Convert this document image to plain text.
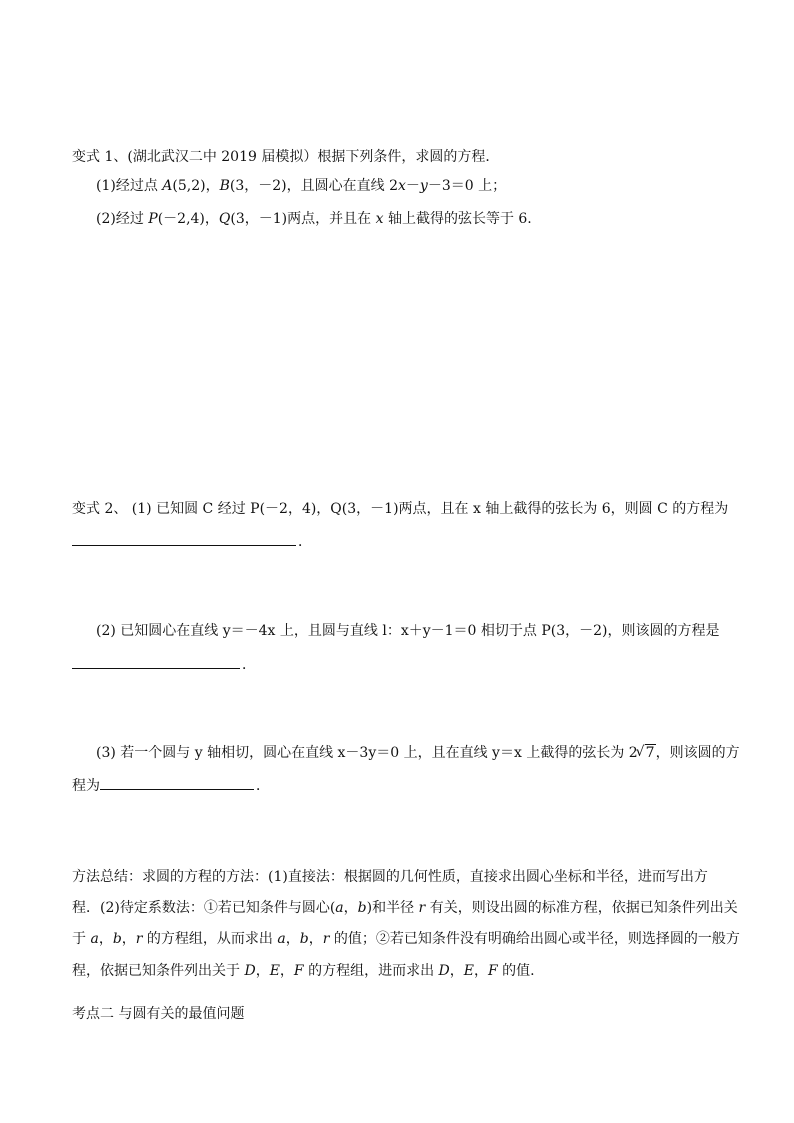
变式 1、(湖北武汉二中 2019 届模拟）根据下列条件，求圆的方程．
(1)经过点 A(5,2)，B(3，－2)，且圆心在直线 2x－y－3＝0 上；
(2)经过 P(－2,4)，Q(3，－1)两点，并且在 x 轴上截得的弦长等于 6.
变式 2、 (1) 已知圆 C 经过 P(－2，4)，Q(3，－1)两点，且在 x 轴上截得的弦长为 6，则圆 C 的方程为
．
(2) 已知圆心在直线 y＝－4x 上，且圆与直线 l：x＋y－1＝0 相切于点 P(3，－2)，则该圆的方程是
．
(3) 若一个圆与 y 轴相切，圆心在直线 x－3y＝0 上，且在直线 y＝x 上截得的弦长为 2√ 7，则该圆的方
程为	．
方法总结：求圆的方程的方法：(1)直接法：根据圆的几何性质，直接求出圆心坐标和半径，进而写出方
程．(2)待定系数法：①若已知条件与圆心(a，b)和半径 r 有关，则设出圆的标准方程，依据已知条件列出关
于 a，b，r 的方程组，从而求出 a，b，r 的值；②若已知条件没有明确给出圆心或半径，则选择圆的一般方
程，依据已知条件列出关于 D，E，F 的方程组，进而求出 D，E，F 的值.
考点二 与圆有关的最值问题
